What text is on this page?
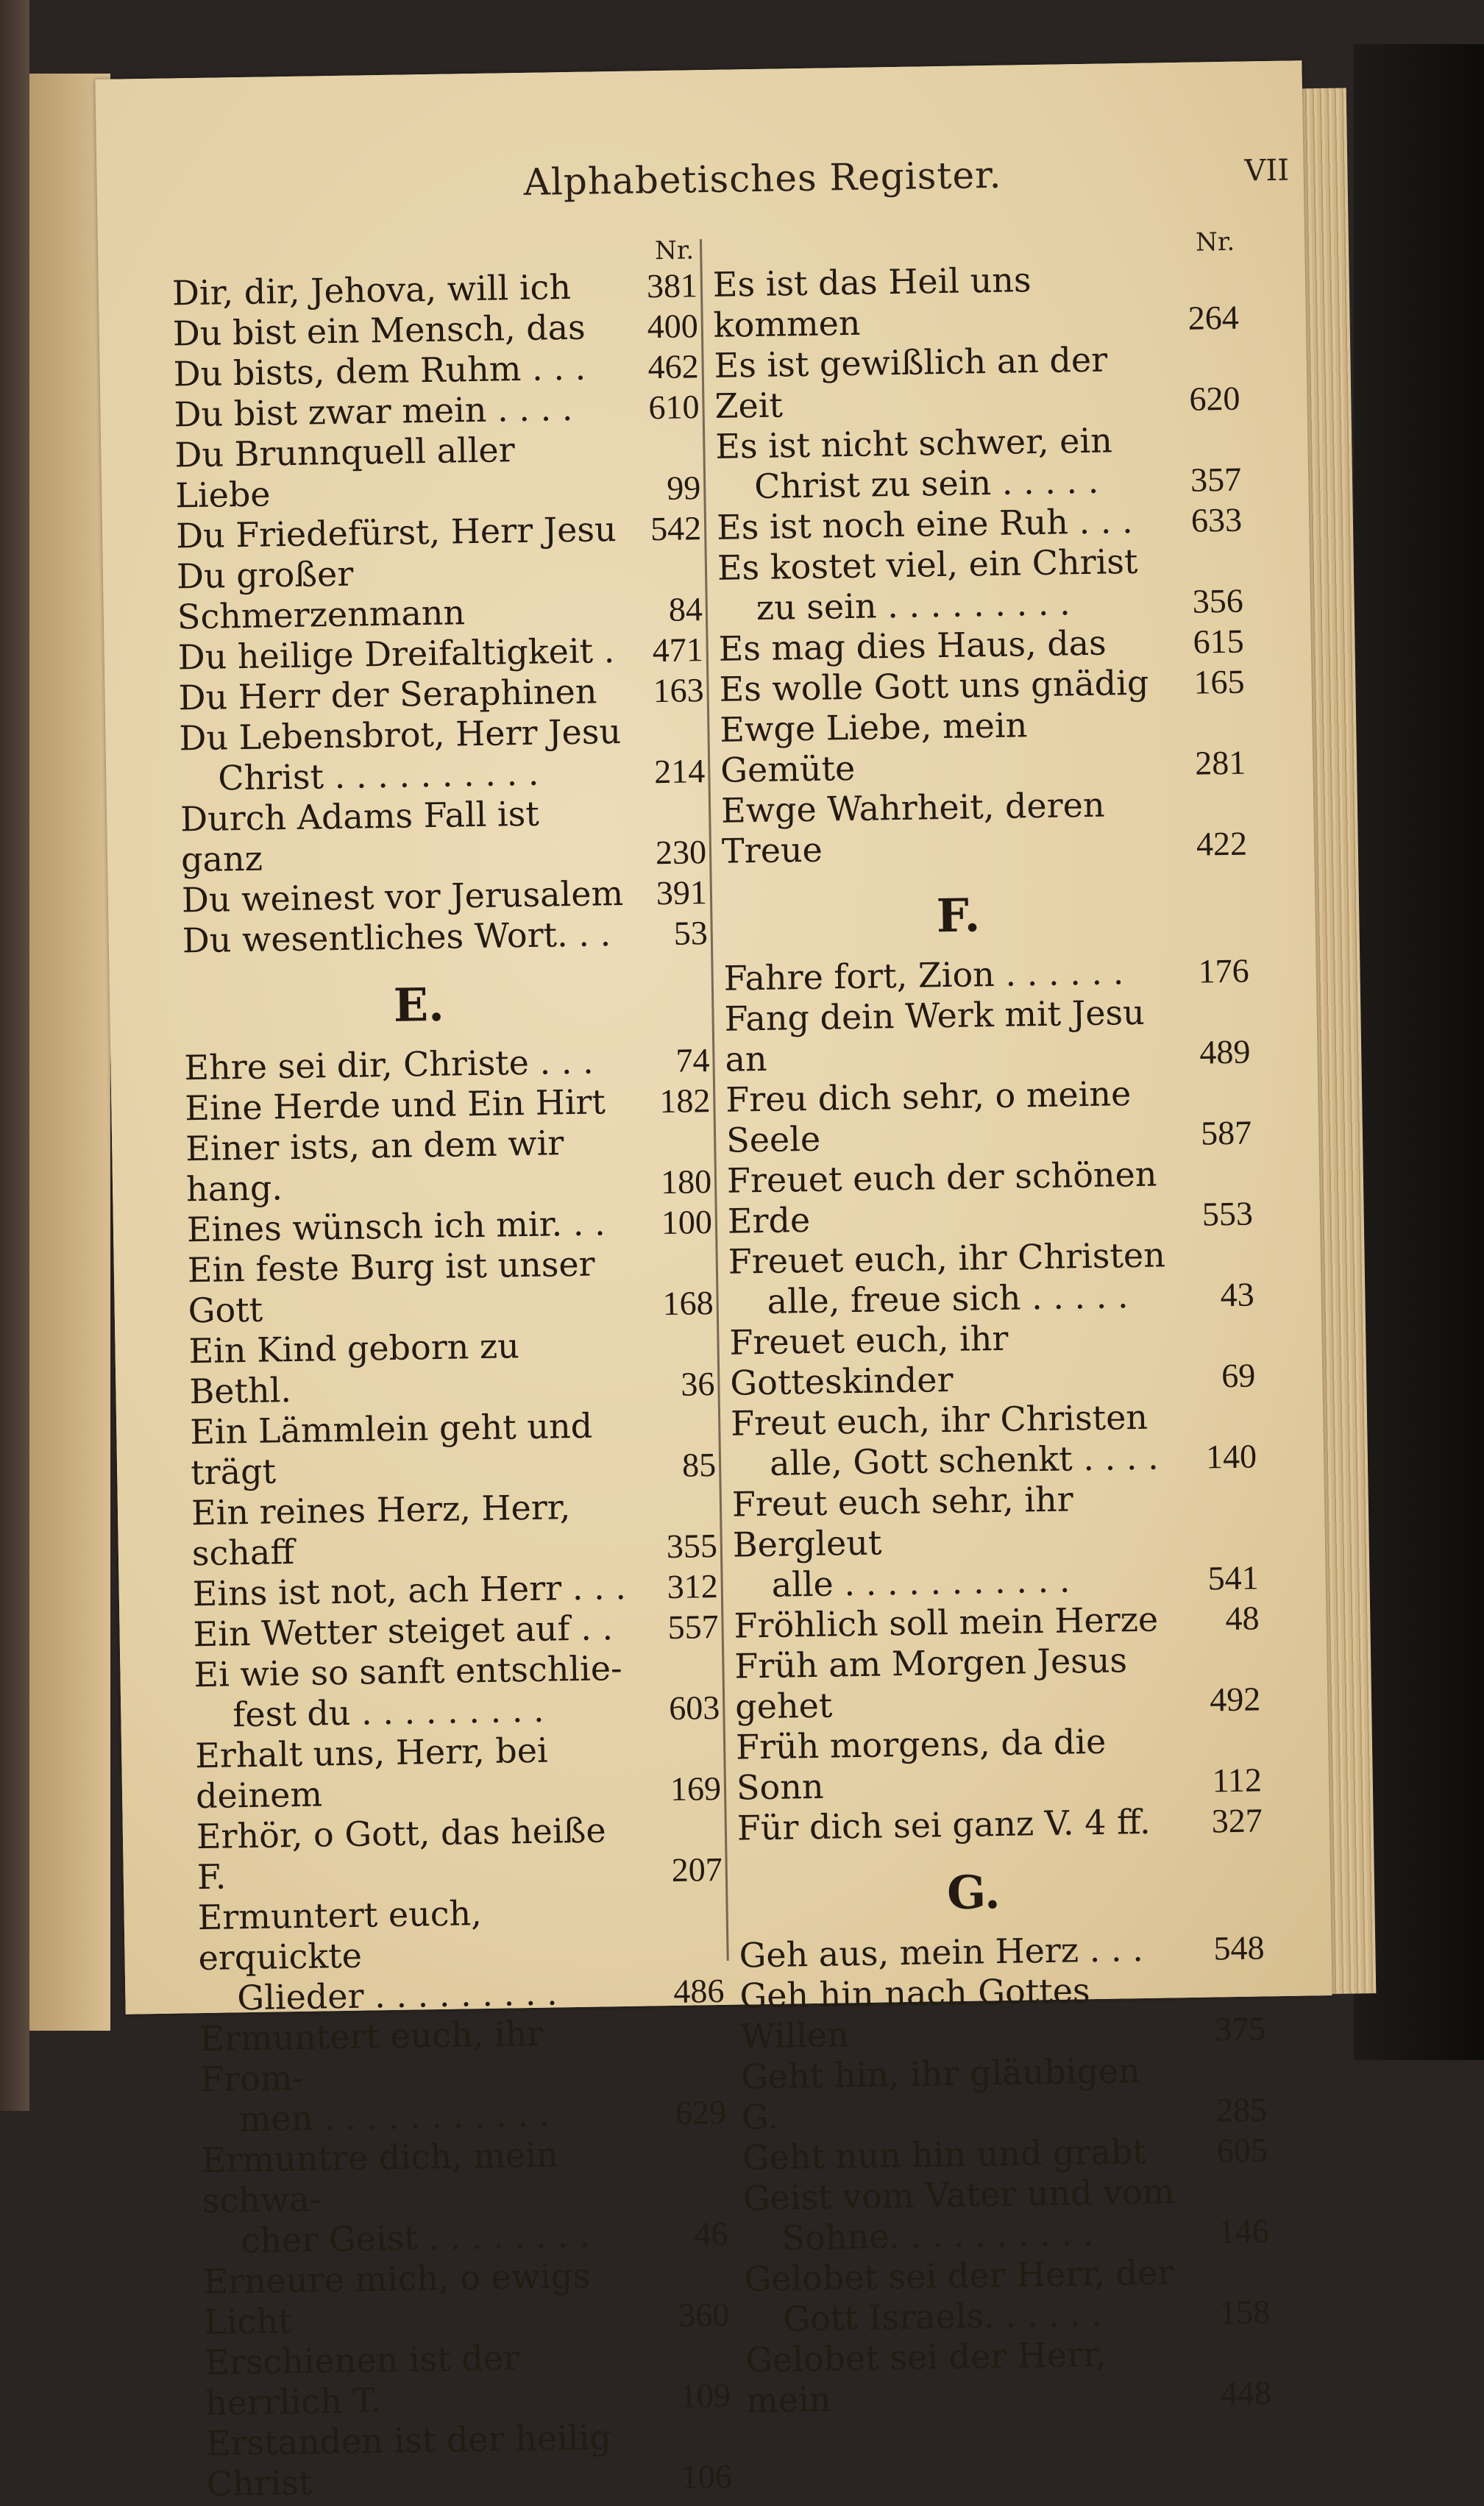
Alphabetisches Register.	VII
Nr.
Dir, dir, Jehova, will ich 381
Du bist ein Mensch, das 400
Du bists, dem Ruhm . . . 462
Du bist zwar mein . . . . 610
Du Brunnquell aller Liebe	99
Du Friedefürst, Herr Jesu 542
Du großer Schmerzenmann	84
Du heilige Dreifaltigkeit . 471
Du Herr der Seraphinen 163
Du Lebensbrot, Herr Jesu
Christ . . . . . . . . . .	214
Durch Adams Fall ist ganz	230
Du weinest vor Jerusalem 391
Du wesentliches Wort. . . 53
E.
Ehre sei dir, Christe . . . 74
Eine Herde und Ein Hirt 182
Einer ists, an dem wir hang.	180
Eines wünsch ich mir. . . 100
Ein feste Burg ist unser Gott	168
Ein Kind geborn zu Bethl.	36
Ein Lämmlein geht und trägt	85
Ein reines Herz, Herr, schaff	355
Eins ist not, ach Herr . . . 312
Ein Wetter steiget auf . . 557
Ei wie so sanft entschlie-
fest du . . . . . . . . .	603
Erhalt uns, Herr, bei deinem	169
Erhör, o Gott, das heiße F.	207
Ermuntert euch, erquickte
Glieder . . . . . . . . .	486
Ermuntert euch, ihr From-
men . . . . . . . . . . .	629
Ermuntre dich, mein schwa-
cher Geist . . . . . . . .	46
Erneure mich, o ewigs Licht	360
Erschienen ist der herrlich T.	109
Erstanden ist der heilig Christ	106
Nr.
Es ist das Heil uns kommen	264
Es ist gewißlich an der Zeit	620
Es ist nicht schwer, ein
Christ zu sein . . . . .	357
Es ist noch eine Ruh . . . 633
Es kostet viel, ein Christ
zu sein . . . . . . . . .	356
Es mag dies Haus, das	615
Es wolle Gott uns gnädig 165
Ewge Liebe, mein Gemüte	281
Ewge Wahrheit, deren Treue	422
F.
Fahre fort, Zion . . . . . . 176
Fang dein Werk mit Jesu an	489
Freu dich sehr, o meine Seele	587
Freuet euch der schönen Erde	553
Freuet euch, ihr Christen
alle, freue sich . . . . .	43
Freuet euch, ihr Gotteskinder	69
Freut euch, ihr Christen
alle, Gott schenkt . . . .	140
Freut euch sehr, ihr Bergleut
alle . . . . . . . . . . .	541
Fröhlich soll mein Herze 48
Früh am Morgen Jesus gehet	492
Früh morgens, da die Sonn	112
Für dich sei ganz V. 4 ff. 327
G.
Geh aus, mein Herz . . . 548
Geh hin nach Gottes Willen	375
Geht hin, ihr gläubigen G.	285
Geht nun hin und grabt 605
Geist vom Vater und vom
Sohne. . . . . . . . . .	146
Gelobet sei der Herr, der
Gott Israels. . . . . .	158
Gelobet sei der Herr, mein	448
